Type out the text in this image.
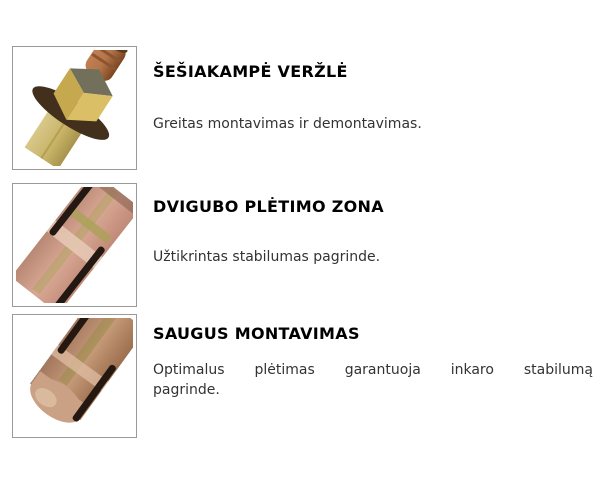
ŠEŠIAKAMPĖ VERŽLĖ

Greitas montavimas ir demontavimas.

DVIGUBO PLĖTIMO ZONA

Užtikrintas stabilumas pagrinde.

SAUGUS MONTAVIMAS

Optimalus plėtimas garantuoja inkaro stabilumą
pagrinde.
